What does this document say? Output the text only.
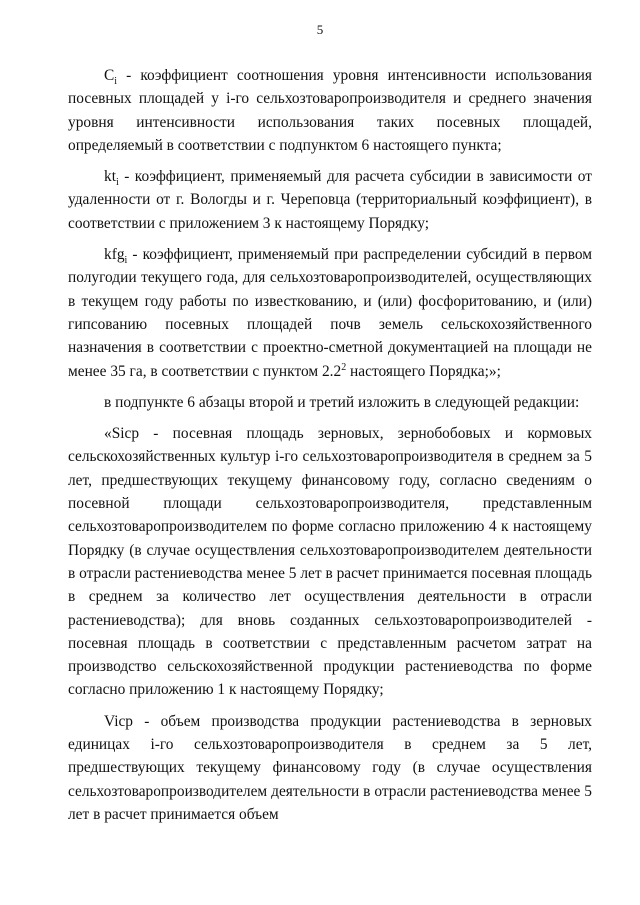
5

$C_i$ - коэффициент соотношения уровня интенсивности использования посевных площадей у i-го сельхозтоваропроизводителя и среднего значения уровня интенсивности использования таких посевных площадей, определяемый в соответствии с подпунктом 6 настоящего пункта;

$kt_i$ - коэффициент, применяемый для расчета субсидии в зависимости от удаленности от г. Вологды и г. Череповца (территориальный коэффициент), в соответствии с приложением 3 к настоящему Порядку;

kfg$_i$ - коэффициент, применяемый при распределении субсидий в первом полугодии текущего года, для сельхозтоваропроизводителей, осуществляющих в текущем году работы по известкованию, и (или) фосфоритованию, и (или) гипсованию посевных площадей почв земель сельскохозяйственного назначения в соответствии с проектно-сметной документацией на площади не менее 35 га, в соответствии с пунктом $2.2^2$ настоящего Порядка;»;

в подпункте 6 абзацы второй и третий изложить в следующей редакции:

«Sicp - посевная площадь зерновых, зернобобовых и кормовых сельскохозяйственных культур i-го сельхозтоваропроизводителя в среднем за 5 лет, предшествующих текущему финансовому году, согласно сведениям о посевной площади сельхозтоваропроизводителя, представленным сельхозтоваропроизводителем по форме согласно приложению 4 к настоящему Порядку (в случае осуществления сельхозтоваропроизводителем деятельности в отрасли растениеводства менее 5 лет в расчет принимается посевная площадь в среднем за количество лет осуществления деятельности в отрасли растениеводства); для вновь созданных сельхозтоваропроизводителей - посевная площадь в соответствии с представленным расчетом затрат на производство сельскохозяйственной продукции растениеводства по форме согласно приложению 1 к настоящему Порядку;

Vicp - объем производства продукции растениеводства в зерновых единицах i-го сельхозтоваропроизводителя в среднем за 5 лет, предшествующих текущему финансовому году (в случае осуществления сельхозтоваропроизводителем деятельности в отрасли растениеводства менее 5 лет в расчет принимается объем
